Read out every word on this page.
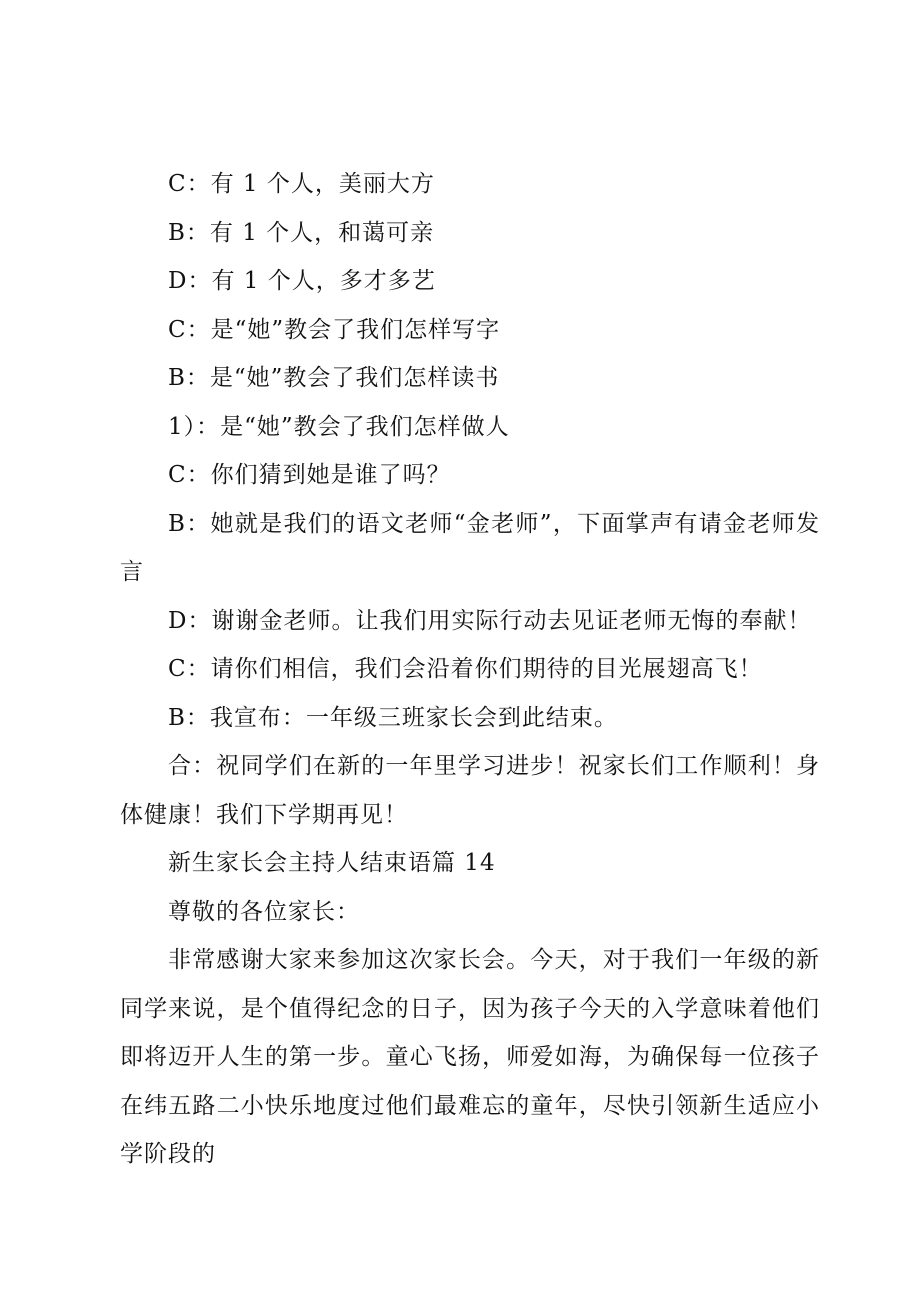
C：有 1 个人，美丽大方

B：有 1 个人，和蔼可亲

D：有 1 个人，多才多艺

C：是“她”教会了我们怎样写字

B：是“她”教会了我们怎样读书

1）：是“她”教会了我们怎样做人

C：你们猜到她是谁了吗？

B：她就是我们的语文老师“金老师”，下面掌声有请金老师发言

D：谢谢金老师。让我们用实际行动去见证老师无悔的奉献！

C：请你们相信，我们会沿着你们期待的目光展翅高飞！

B：我宣布：一年级三班家长会到此结束。

合：祝同学们在新的一年里学习进步！祝家长们工作顺利！身体健康！我们下学期再见！

新生家长会主持人结束语篇 14

尊敬的各位家长：

非常感谢大家来参加这次家长会。今天，对于我们一年级的新同学来说，是个值得纪念的日子，因为孩子今天的入学意味着他们即将迈开人生的第一步。童心飞扬，师爱如海，为确保每一位孩子在纬五路二小快乐地度过他们最难忘的童年，尽快引领新生适应小学阶段的
